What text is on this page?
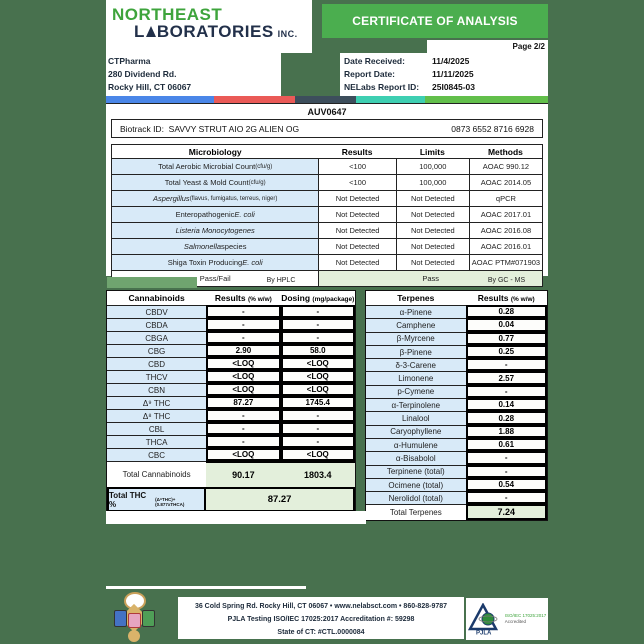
NORTHEAST
L BORATORIES INC.
CERTIFICATE OF ANALYSIS
Page 2/2
CTPharma
280 Dividend Rd.
Rocky Hill, CT 06067
Date Received:	11/4/2025
Report Date:	11/11/2025
NELabs Report ID:	25I0845-03
AUV0647
Biotrack ID: SAVVY STRUT AIO 2G ALIEN OG	0873 6552 8716 6928
Microbiology	Results	Limits	Methods
Total Aerobic Microbial Count (cfu/g)	<100	100,000	AOAC 990.12
Total Yeast & Mold Count (cfu/g)	<100	100,000	AOAC 2014.05
Aspergillus (flavus, fumigatus, terreus, niger)	Not Detected	Not Detected	qPCR
Enteropathogenic E. coli	Not Detected	Not Detected	AOAC 2017.01
Listeria Monocytogenes	Not Detected	Not Detected	AOAC 2016.08
Salmonella species	Not Detected	Not Detected	AOAC 2016.01
Shiga Toxin Producing E. coli	Not Detected	Not Detected	AOAC PTM#071903
Pass/Fail	Pass
By HPLC
Cannabinoids	Results (% w/w)	Dosing (mg/package)
CBDV	-	-
CBDA	-	-
CBGA	-	-
CBG	2.90	58.0
CBD	<LOQ	<LOQ
THCV	<LOQ	<LOQ
CBN	<LOQ	<LOQ
Δ⁹ THC	87.27	1745.4
Δ⁸ THC	-	-
CBL	-	-
THCA	-	-
CBC	<LOQ	<LOQ
Total Cannabinoids	90.17	1803.4
Total THC %	(Δ⁹THC)+(0.877xTHCA)	87.27
By GC - MS
Terpenes	Results (% w/w)
α-Pinene	0.28
Camphene	0.04
β-Myrcene	0.77
β-Pinene	0.25
δ-3-Carene	-
Limonene	2.57
p-Cymene	-
α-Terpinolene	0.14
Linalool	0.28
Caryophyllene	1.88
α-Humulene	0.61
α-Bisabolol	-
Terpinene (total)	-
Ocimene (total)	0.54
Nerolidol (total)	-
Total Terpenes	7.24
36 Cold Spring Rd. Rocky Hill, CT 06067 • www.nelabsct.com • 860-828-9787
PJLA Testing ISO/IEC 17025:2017 Accreditation #: 59298
State of CT: #CTL.0000084	PJLA
ISO/IEC 17025:2017
Accredited
